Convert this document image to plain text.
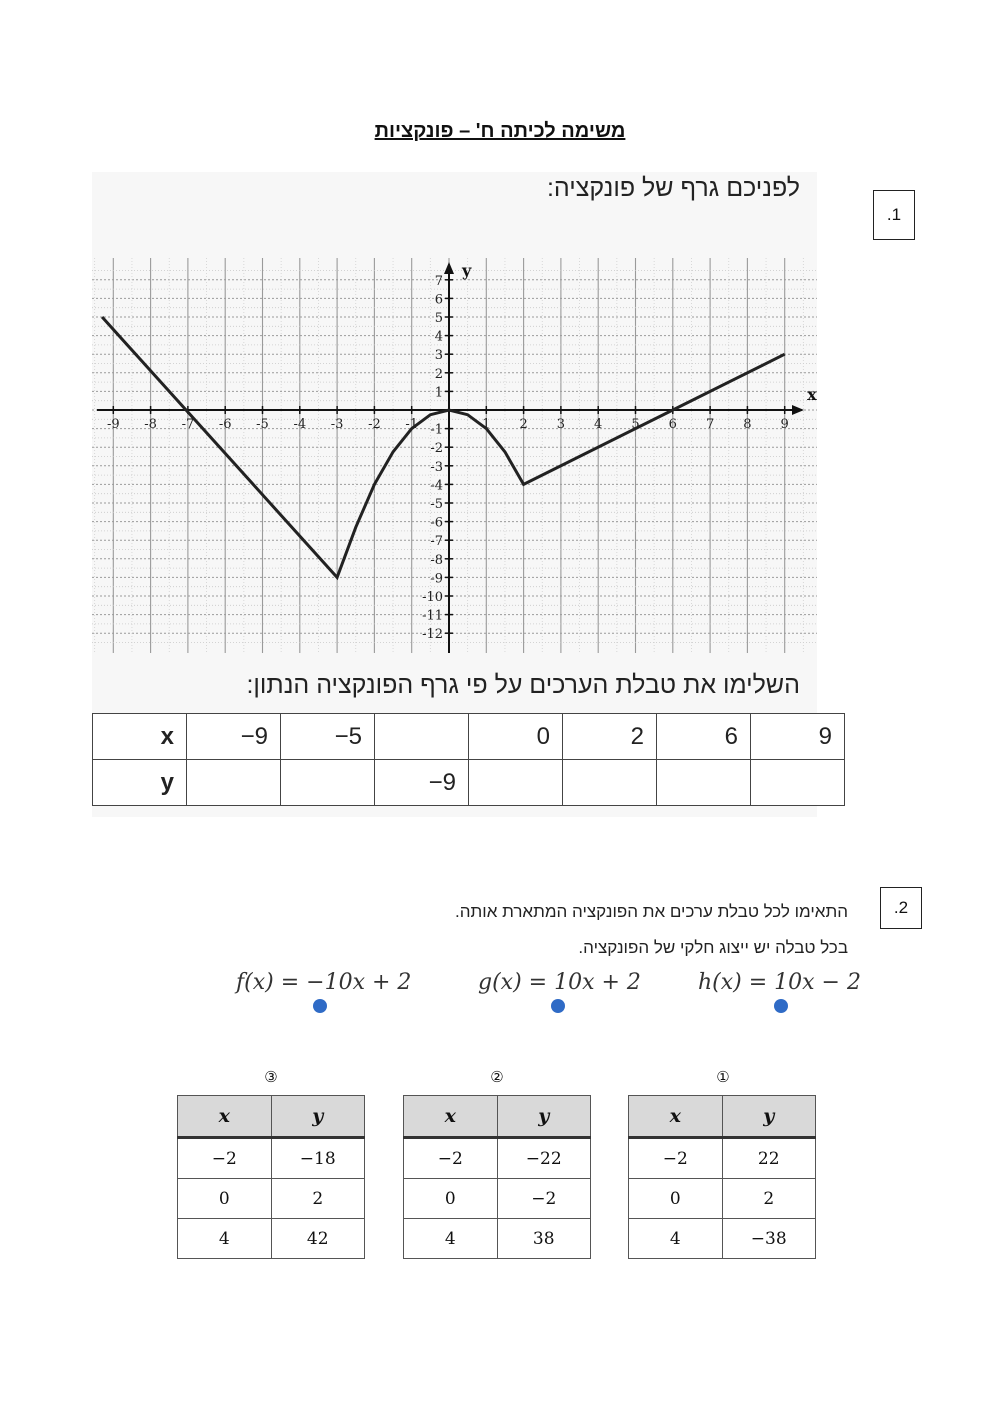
משימה לכיתה ח' – פונקציות
.1
לפניכם גרף של פונקציה:
-9 -8 -7 -6 -5 -4 -3 -2 -1	1 2 3 4 5 6 7 8 9
7
6
5
4
3
2
1
-1
-2
-3
-4
-5
-6
-7
-8
-9
-10
-11
-12
x
y
השלימו את טבלת הערכים על פי גרף הפונקציה הנתון:
x	−9	−5		0	2	6	9
y			−9				
.2
התאימו לכל טבלת ערכים את הפונקציה המתארת אותה.
בכל טבלה יש ייצוג חלקי של הפונקציה.
f(x) = −10x + 2	g(x) = 10x + 2	h(x) = 10x − 2
③	②	①
x	y
−2	−18
0	2
4	42
x	y
−2	−22
0	−2
4	38
x	y
−2	22
0	2
4	−38
